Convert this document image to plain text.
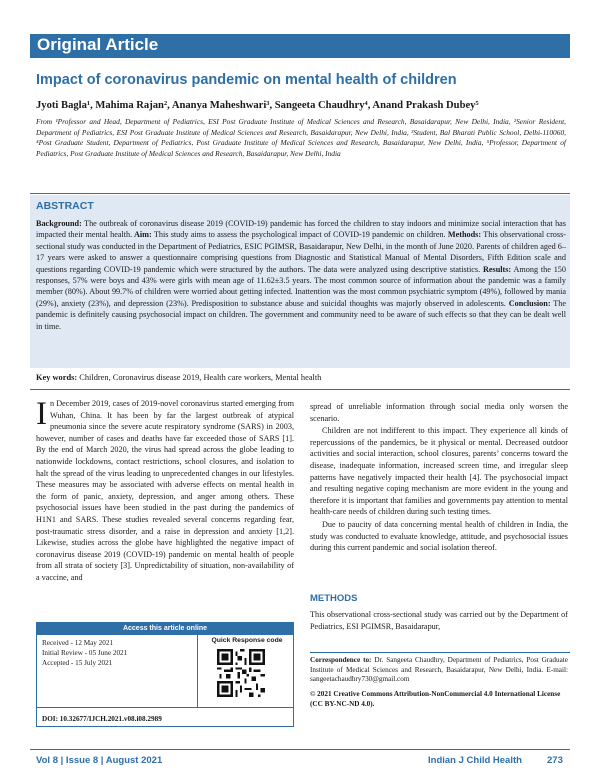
Original Article
Impact of coronavirus pandemic on mental health of children
Jyoti Bagla¹, Mahima Rajan², Ananya Maheshwari³, Sangeeta Chaudhry⁴, Anand Prakash Dubey⁵
From ¹Professor and Head, Department of Pediatrics, ESI Post Graduate Institute of Medical Sciences and Research, Basaidarapur, New Delhi, India, ²Senior Resident, Department of Pediatrics, ESI Post Graduate Institute of Medical Sciences and Research, Basaidarapur, New Delhi, India, ³Student, Bal Bharati Public School, Delhi-110060, ⁴Post Graduate Student, Department of Pediatrics, Post Graduate Institute of Medical Sciences and Research, Basaidarapur, New Delhi, India, ⁵Professor, Department of Pediatrics, Post Graduate Institute of Medical Sciences and Research, Basaidarapur, New Delhi, India
ABSTRACT
Background: The outbreak of coronavirus disease 2019 (COVID-19) pandemic has forced the children to stay indoors and minimize social interaction that has impacted their mental health. Aim: This study aims to assess the psychological impact of COVID-19 pandemic on children. Methods: This observational cross-sectional study was conducted in the Department of Pediatrics, ESIC PGIMSR, Basaidarapur, New Delhi, in the month of June 2020. Parents of children aged 6–17 years were asked to answer a questionnaire comprising questions from Diagnostic and Statistical Manual of Mental Disorders, Fifth Edition scale and questions regarding COVID-19 pandemic which were structured by the authors. The data were analyzed using descriptive statistics. Results: Among the 150 responses, 57% were boys and 43% were girls with mean age of 11.62±3.5 years. The most common source of information about the pandemic was a family member (80%). About 99.7% of children were worried about getting infected. Inattention was the most common psychiatric symptom (49%), followed by mania (29%), anxiety (23%), and depression (23%). Predisposition to substance abuse and suicidal thoughts was majorly observed in adolescents. Conclusion: The pandemic is definitely causing psychosocial impact on children. The government and community need to be aware of such effects so that they can be dealt well in time.
Key words: Children, Coronavirus disease 2019, Health care workers, Mental health
In December 2019, cases of 2019-novel coronavirus started emerging from Wuhan, China. It has been by far the largest outbreak of atypical pneumonia since the severe acute respiratory syndrome (SARS) in 2003, however, number of cases and deaths have far exceeded those of SARS [1]. By the end of March 2020, the virus had spread across the globe leading to nationwide lockdowns, contact restrictions, school closures, and isolation to halt the spread of the virus leading to unprecedented changes in our lifestyles. These measures may be associated with adverse effects on mental health in the form of panic, anxiety, depression, and anger among others. These psychosocial issues have been studied in the past during the pandemics of H1N1 and SARS. These studies revealed several concerns regarding fear, post-traumatic stress disorder, and a raise in depression and anxiety [1,2]. Likewise, studies across the globe have highlighted the negative impact of coronavirus disease 2019 (COVID-19) pandemic on mental health of people from all strata of society [3]. Unpredictability of situation, non-availability of a vaccine, and

spread of unreliable information through social media only worsen the scenario.

Children are not indifferent to this impact. They experience all kinds of repercussions of the pandemics, be it physical or mental. Decreased outdoor activities and social interaction, school closures, parents’ concerns toward the disease, inadequate information, increased screen time, and irregular sleep patterns have negatively impacted their health [4]. The psychosocial impact and resulting negative coping mechanism are more evident in the young and therefore it is important that families and governments pay attention to mental health-care needs of children during such testing times.

Due to paucity of data concerning mental health of children in India, the study was conducted to evaluate knowledge, attitude, and psychosocial issues during this current pandemic and social isolation thereof.

METHODS
This observational cross-sectional study was carried out by the Department of Pediatrics, ESI PGIMSR, Basaidarapur,
Access this article online
Received - 12 May 2021
Initial Review - 05 June 2021
Accepted - 15 July 2021
Quick Response code
DOI: 10.32677/IJCH.2021.v08.i08.2989
Correspondence to: Dr. Sangeeta Chaudhry, Department of Pediatrics, Post Graduate Institute of Medical Sciences and Research, Basaidarapur, New Delhi, India. E-mail: sangeetachaudhry730@gmail.com
© 2021 Creative Commons Attribution-NonCommercial 4.0 International License (CC BY-NC-ND 4.0).
Vol 8 | Issue 8 | August 2021	Indian J Child Health	273
